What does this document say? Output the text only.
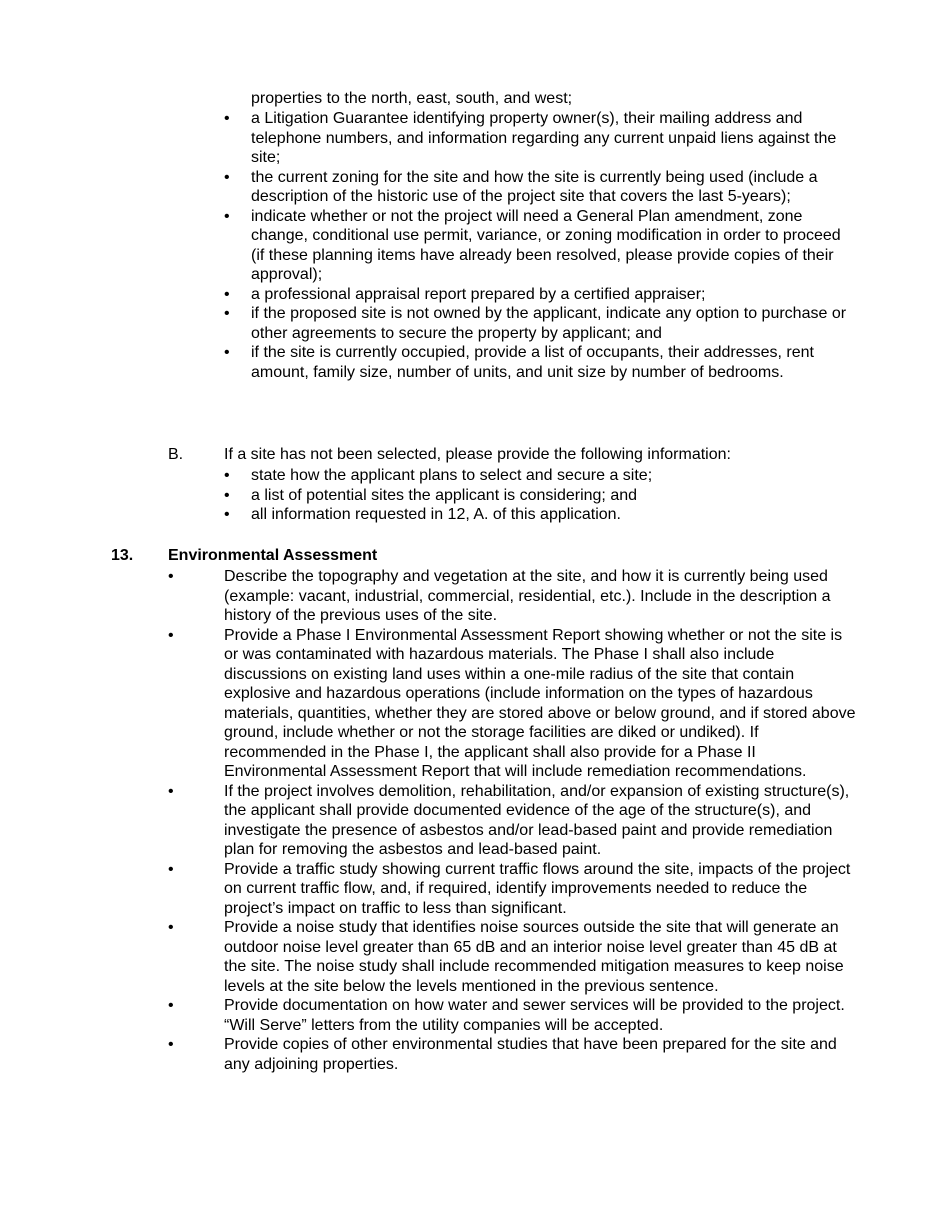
properties to the north, east, south, and west;

• a Litigation Guarantee identifying property owner(s), their mailing address and telephone numbers, and information regarding any current unpaid liens against the site;
• the current zoning for the site and how the site is currently being used (include a description of the historic use of the project site that covers the last 5-years);
• indicate whether or not the project will need a General Plan amendment, zone change, conditional use permit, variance, or zoning modification in order to proceed (if these planning items have already been resolved, please provide copies of their approval);
• a professional appraisal report prepared by a certified appraiser;
• if the proposed site is not owned by the applicant, indicate any option to purchase or other agreements to secure the property by applicant; and
• if the site is currently occupied, provide a list of occupants, their addresses, rent amount, family size, number of units, and unit size by number of bedrooms.
B.	If a site has not been selected, please provide the following information:
• state how the applicant plans to select and secure a site;
• a list of potential sites the applicant is considering; and
• all information requested in 12, A. of this application.
13. Environmental Assessment
• Describe the topography and vegetation at the site, and how it is currently being used (example: vacant, industrial, commercial, residential, etc.). Include in the description a history of the previous uses of the site.
• Provide a Phase I Environmental Assessment Report showing whether or not the site is or was contaminated with hazardous materials. The Phase I shall also include discussions on existing land uses within a one-mile radius of the site that contain explosive and hazardous operations (include information on the types of hazardous materials, quantities, whether they are stored above or below ground, and if stored above ground, include whether or not the storage facilities are diked or undiked). If recommended in the Phase I, the applicant shall also provide for a Phase II Environmental Assessment Report that will include remediation recommendations.
• If the project involves demolition, rehabilitation, and/or expansion of existing structure(s), the applicant shall provide documented evidence of the age of the structure(s), and investigate the presence of asbestos and/or lead-based paint and provide remediation plan for removing the asbestos and lead-based paint.
• Provide a traffic study showing current traffic flows around the site, impacts of the project on current traffic flow, and, if required, identify improvements needed to reduce the project’s impact on traffic to less than significant.
• Provide a noise study that identifies noise sources outside the site that will generate an outdoor noise level greater than 65 dB and an interior noise level greater than 45 dB at the site. The noise study shall include recommended mitigation measures to keep noise levels at the site below the levels mentioned in the previous sentence.
• Provide documentation on how water and sewer services will be provided to the project. “Will Serve” letters from the utility companies will be accepted.
• Provide copies of other environmental studies that have been prepared for the site and any adjoining properties.
